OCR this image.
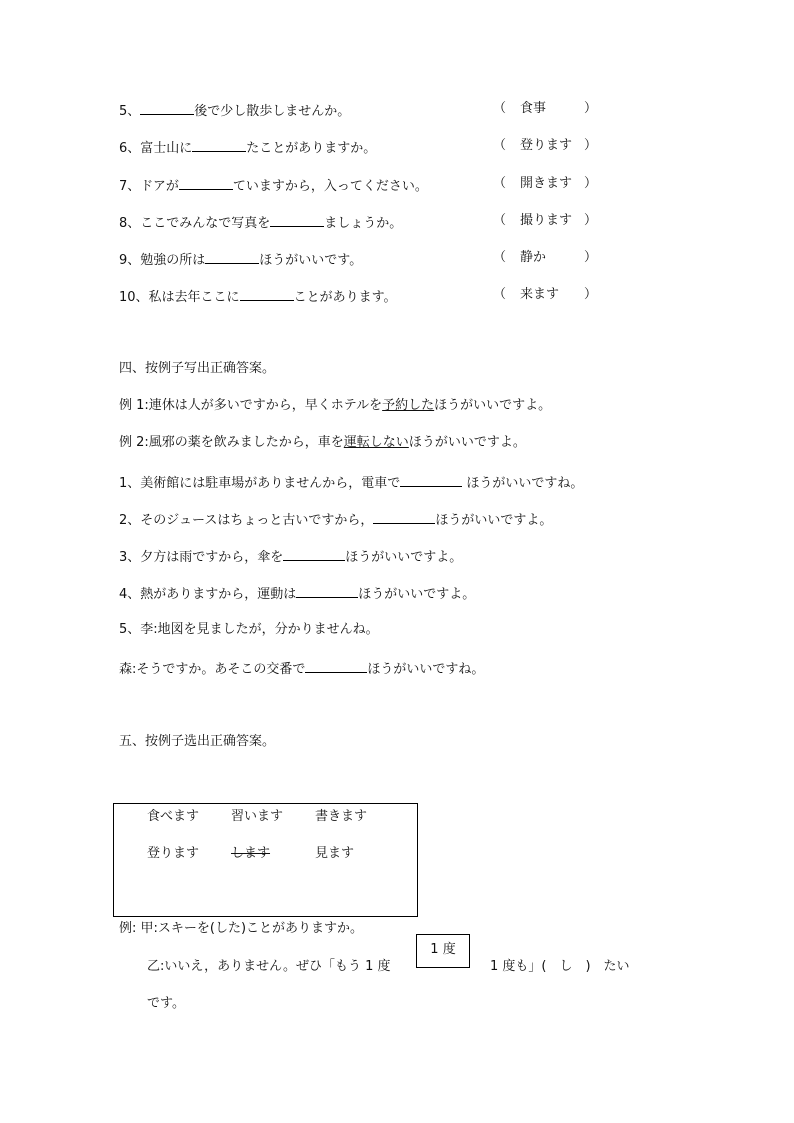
5、	後で少し散歩しませんか。	（ 食事	）
6、富士山に	たことがありますか。	（ 登ります ）
7、ドアが	ていますから，入ってください。	（ 開きます ）
8、ここでみんなで写真を	ましょうか。	（ 撮ります ）
9、勉強の所は	ほうがいいです。	（ 静か	）
10、私は去年ここに	ことがあります。	（ 来ます ）
四、按例子写出正确答案。
例 1:連休は人が多いですから，早くホテルを予約したほうがいいですよ。
例 2:風邪の薬を飲みましたから，車を運転しないほうがいいですよ。
1、美術館には駐車場がありませんから，電車で	ほうがいいですね。
2、そのジュースはちょっと古いですから，	ほうがいいですよ。
3、夕方は雨ですから，傘を	ほうがいいですよ。
4、熱がありますから，運動は	ほうがいいですよ。
5、李:地図を見ましたが，分かりませんね。
森:そうですか。あそこの交番で	ほうがいいですね。
五、按例子选出正确答案。
食べます 習います 書きます
登ります します	見ます
例: 甲:スキーを(した)ことがありますか。
乙:いいえ，ありません。ぜひ「もう 1 度
1 度
1 度も」(　し　)　たい
です。
